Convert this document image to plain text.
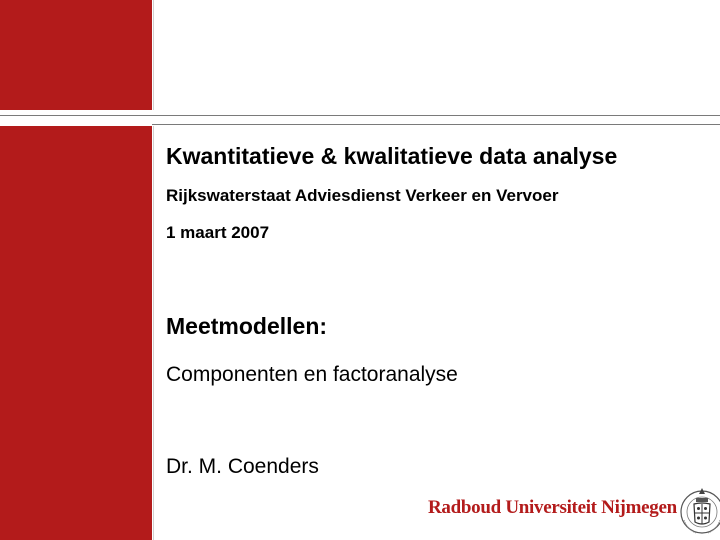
Kwantitatieve & kwalitatieve data analyse
Rijkswaterstaat Adviesdienst Verkeer en Vervoer
1 maart 2007
Meetmodellen:
Componenten en factoranalyse
Dr. M. Coenders
Radboud Universiteit Nijmegen
